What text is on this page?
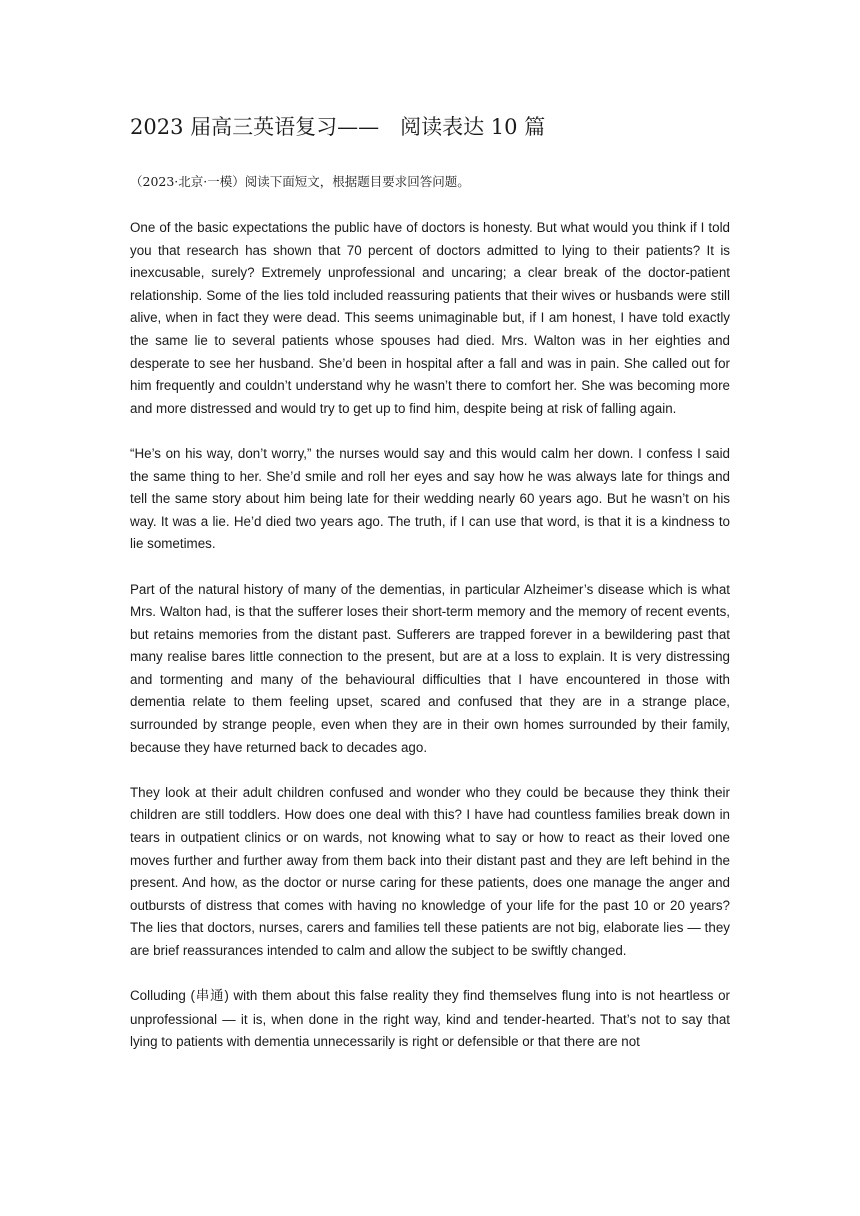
2023 届高三英语复习——　阅读表达 10 篇

（2023·北京·一模）阅读下面短文，根据题目要求回答问题。

One of the basic expectations the public have of doctors is honesty. But what would you think if I told you that research has shown that 70 percent of doctors admitted to lying to their patients? It is inexcusable, surely? Extremely unprofessional and uncaring; a clear break of the doctor-patient relationship. Some of the lies told included reassuring patients that their wives or husbands were still alive, when in fact they were dead. This seems unimaginable but, if I am honest, I have told exactly the same lie to several patients whose spouses had died. Mrs. Walton was in her eighties and desperate to see her husband. She’d been in hospital after a fall and was in pain. She called out for him frequently and couldn’t understand why he wasn’t there to comfort her. She was becoming more and more distressed and would try to get up to find him, despite being at risk of falling again.

“He’s on his way, don’t worry,” the nurses would say and this would calm her down. I confess I said the same thing to her. She’d smile and roll her eyes and say how he was always late for things and tell the same story about him being late for their wedding nearly 60 years ago. But he wasn’t on his way. It was a lie. He’d died two years ago. The truth, if I can use that word, is that it is a kindness to lie sometimes.

Part of the natural history of many of the dementias, in particular Alzheimer’s disease which is what Mrs. Walton had, is that the sufferer loses their short-term memory and the memory of recent events, but retains memories from the distant past. Sufferers are trapped forever in a bewildering past that many realise bares little connection to the present, but are at a loss to explain. It is very distressing and tormenting and many of the behavioural difficulties that I have encountered in those with dementia relate to them feeling upset, scared and confused that they are in a strange place, surrounded by strange people, even when they are in their own homes surrounded by their family, because they have returned back to decades ago.

They look at their adult children confused and wonder who they could be because they think their children are still toddlers. How does one deal with this? I have had countless families break down in tears in outpatient clinics or on wards, not knowing what to say or how to react as their loved one moves further and further away from them back into their distant past and they are left behind in the present. And how, as the doctor or nurse caring for these patients, does one manage the anger and outbursts of distress that comes with having no knowledge of your life for the past 10 or 20 years? The lies that doctors, nurses, carers and families tell these patients are not big, elaborate lies — they are brief reassurances intended to calm and allow the subject to be swiftly changed.

Colluding (串通) with them about this false reality they find themselves flung into is not heartless or unprofessional — it is, when done in the right way, kind and tender-hearted. That’s not to say that lying to patients with dementia unnecessarily is right or defensible or that there are not
